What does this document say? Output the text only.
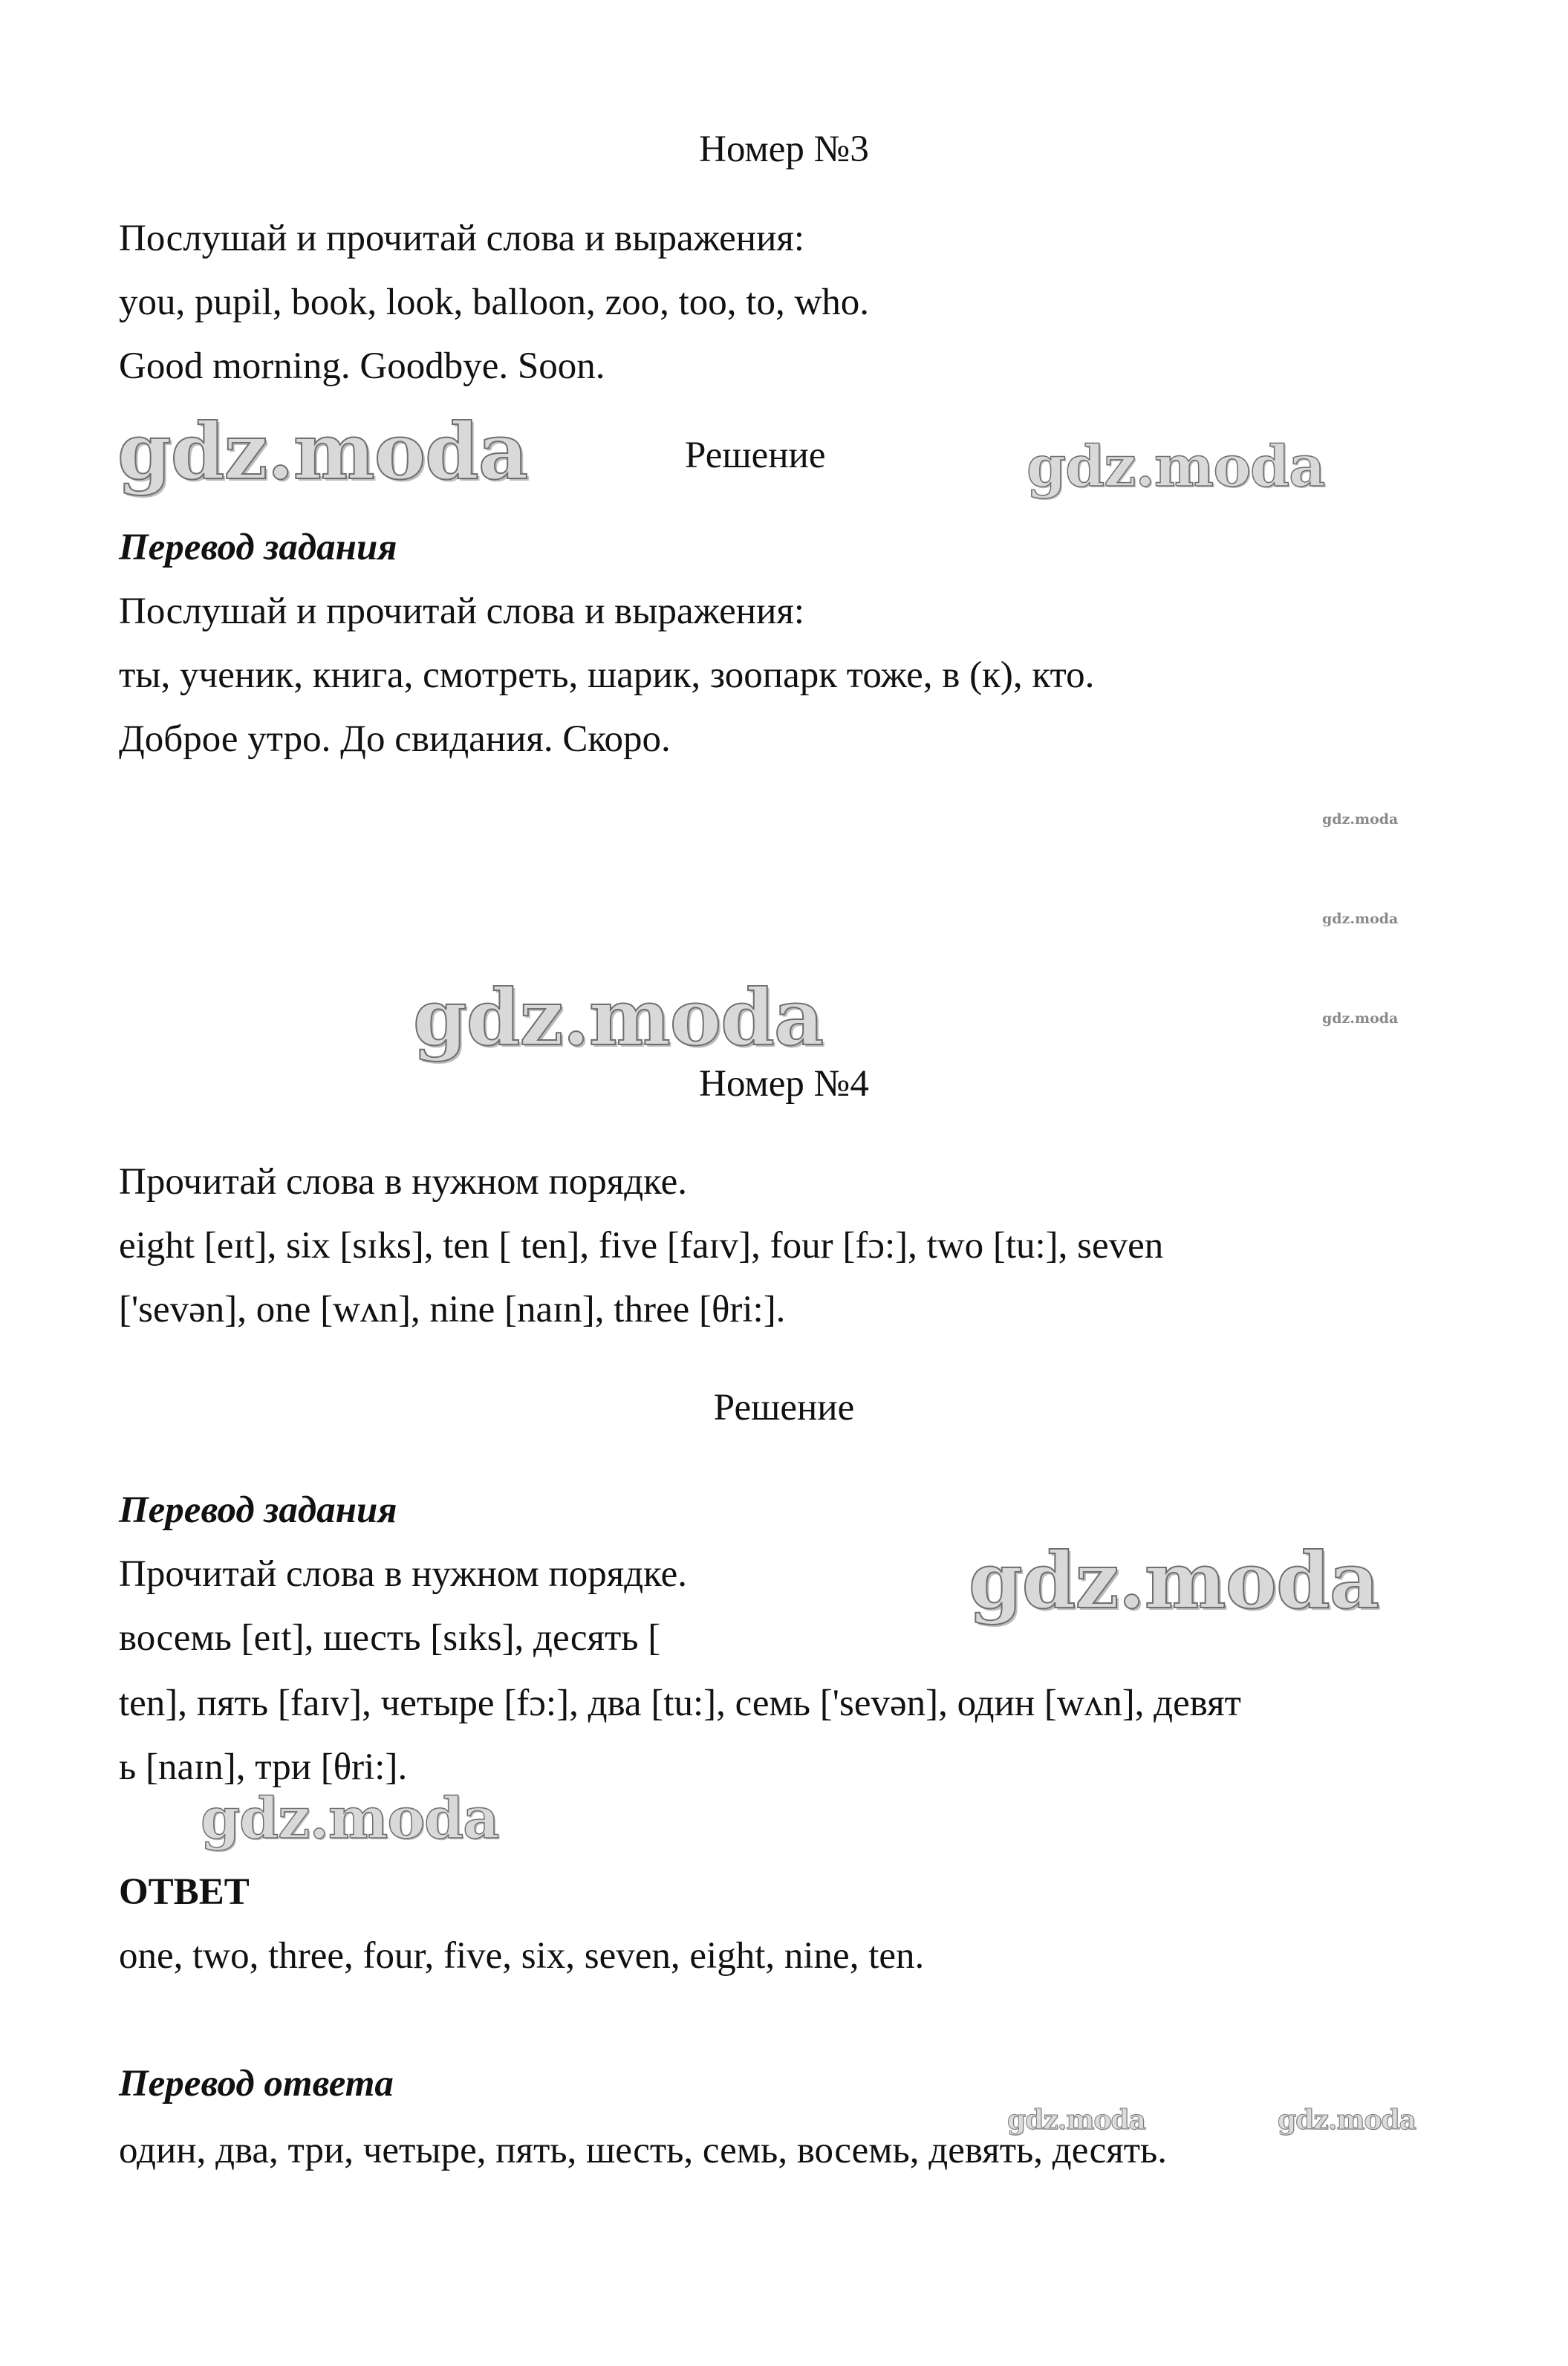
Номер №3
Послушай и прочитай слова и выражения:
you, pupil, book, look, balloon, zoo, too, to, who.
Good morning. Goodbye. Soon.
gdz.moda	Решение	gdz.moda
Перевод задания
Послушай и прочитай слова и выражения:
ты, ученик, книга, смотреть, шарик, зоопарк тоже, в (к), кто.
Доброе утро. До свидания. Скоро.
gdz.moda
gdz.moda
gdz.moda
gdz.moda
Номер №4
Прочитай слова в нужном порядке.
eight [eɪt], six [sɪks], ten [ ten], five [faɪv], four [fɔ:], two [tu:], seven
['sevən], one [wʌn], nine [naɪn], three [θri:].
Решение
Перевод задания
Прочитай слова в нужном порядке.	gdz.moda
восемь [eɪt], шесть [sɪks], десять [
ten], пять [faɪv], четыре [fɔ:], два [tu:], семь ['sevən], один [wʌn], девят
ь [naɪn], три [θri:].
gdz.moda
ОТВЕТ
one, two, three, four, five, six, seven, eight, nine, ten.
Перевод ответа
один, два, три, четыре, пять, шесть, семь, восемь, девять, десять.
gdz.moda	gdz.moda
